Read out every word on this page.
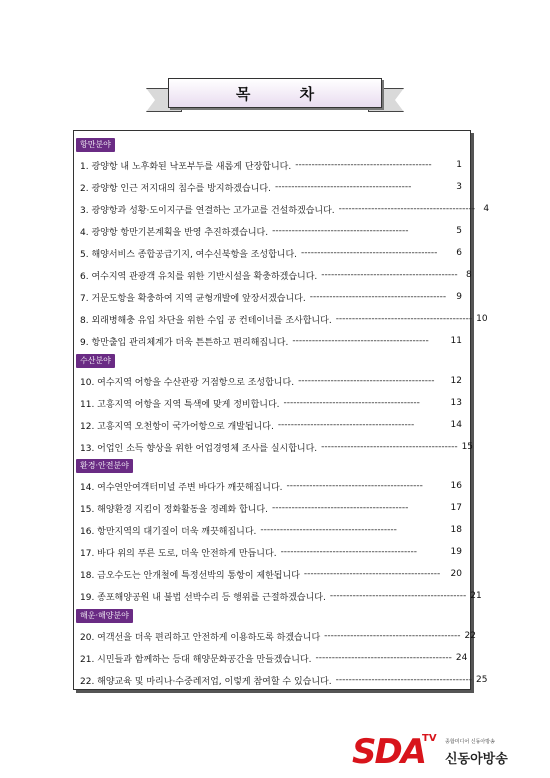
목 차
항만분야
1. 광양항 내 노후화된 낙포부두를 새롭게 단장합니다. ------------------------------------------	1
2. 광양항 인근 저지대의 침수를 방지하겠습니다. ------------------------------------------	3
3. 광양항과 성황·도이지구를 연결하는 고가교를 건설하겠습니다. ------------------------------------------ 4
4. 광양항 항만기본계획을 반영 추진하겠습니다. ------------------------------------------	5
5. 해양서비스 종합공급기지, 여수신북항을 조성합니다. ------------------------------------------	6
6. 여수지역 관광객 유치를 위한 기반시설을 확충하겠습니다. ------------------------------------------ 8
7. 거문도항을 확충하여 지역 균형개발에 앞장서겠습니다. ------------------------------------------	9
8. 외래병해충 유입 차단을 위한 수입 공 컨테이너를 조사합니다. ------------------------------------------ 10
9. 항만출입 관리체계가 더욱 튼튼하고 편리해집니다. ------------------------------------------	11
수산분야
10. 여수지역 어항을 수산관광 거점항으로 조성합니다. ------------------------------------------	12
11. 고흥지역 어항을 지역 특색에 맞게 정비합니다. ------------------------------------------	13
12. 고흥지역 오천항이 국가어항으로 개발됩니다. ------------------------------------------	14
13. 어업인 소득 향상을 위한 어업경영체 조사를 실시합니다. ------------------------------------------ 15
환경·안전분야
14. 여수연안여객터미널 주변 바다가 깨끗해집니다. ------------------------------------------	16
15. 해양환경 지킴이 정화활동을 정례화 합니다. ------------------------------------------	17
16. 항만지역의 대기질이 더욱 깨끗해집니다. ------------------------------------------	18
17. 바다 위의 푸른 도로, 더욱 안전하게 만듭니다. ------------------------------------------	19
18. 금오수도는 안개철에 특정선박의 통항이 제한됩니다 ------------------------------------------	20
19. 종포해양공원 내 불법 선박수리 등 행위를 근절하겠습니다. ------------------------------------------ 21
해운·해양분야
20. 여객선을 더욱 편리하고 안전하게 이용하도록 하겠습니다 ------------------------------------------ 22
21. 시민들과 함께하는 등대 해양문화공간을 만들겠습니다. ------------------------------------------ 24
22. 해양교육 및 마리나·수중레저업, 이렇게 참여할 수 있습니다. ------------------------------------------ 25
SDA
TV 종합미디어 신동아방송
신동아방송
